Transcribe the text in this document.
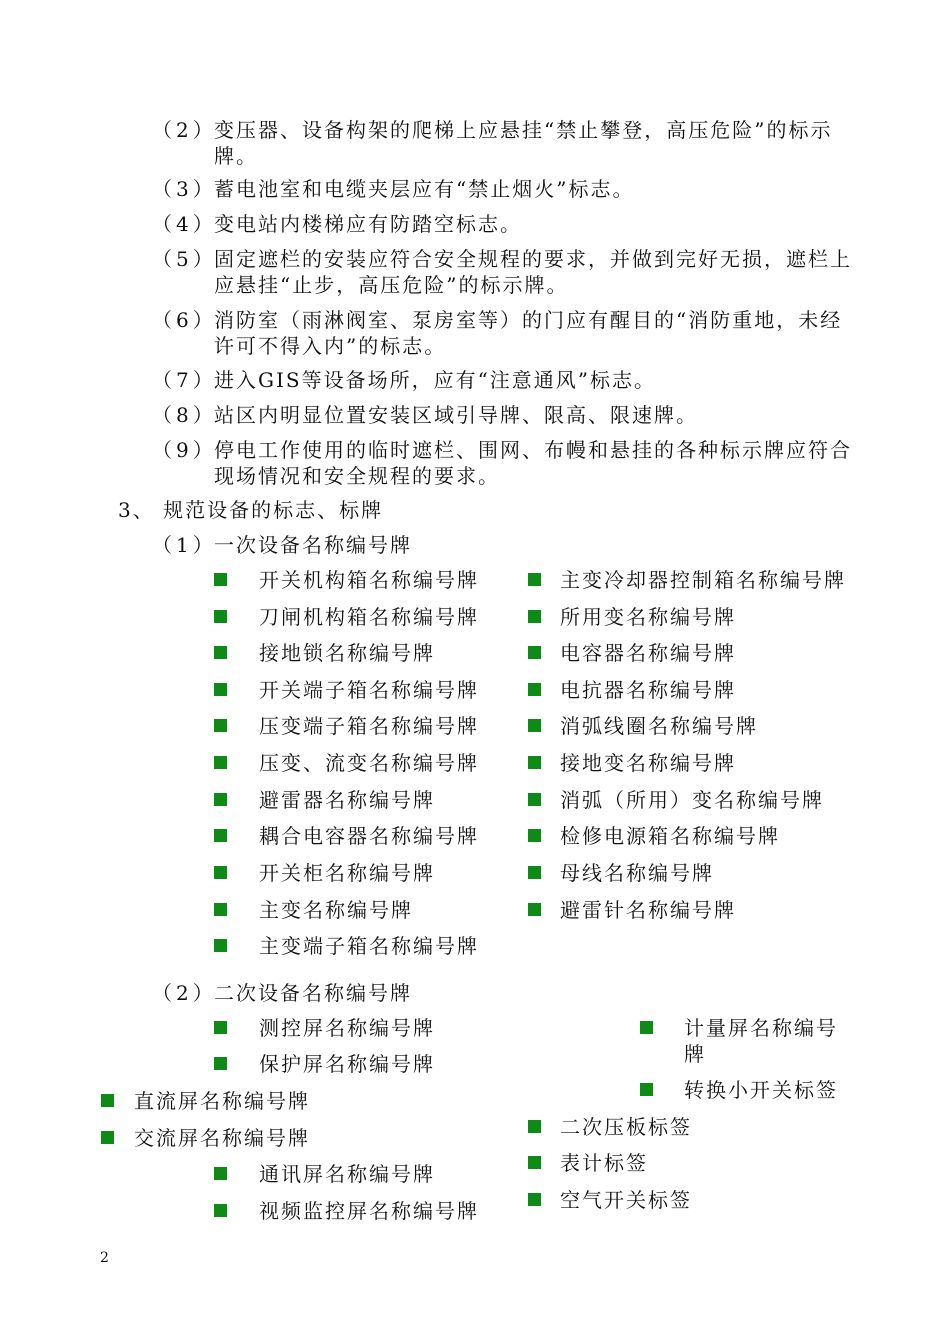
（2）
变压器、设备构架的爬梯上应悬挂“禁止攀登，高压危险”的标示牌。
（3）
蓄电池室和电缆夹层应有“禁止烟火”标志。
（4）
变电站内楼梯应有防踏空标志。
（5）
固定遮栏的安装应符合安全规程的要求，并做到完好无损，遮栏上应悬挂“止步，高压危险”的标示牌。
（6）
消防室（雨淋阀室、泵房室等）的门应有醒目的“消防重地，未经许可不得入内”的标志。
（7）
进入GIS等设备场所，应有“注意通风”标志。
（8）
站区内明显位置安装区域引导牌、限高、限速牌。
（9）
停电工作使用的临时遮栏、围网、布幔和悬挂的各种标示牌应符合现场情况和安全规程的要求。
3、 规范设备的标志、标牌
（1）
一次设备名称编号牌
开关机构箱名称编号牌
刀闸机构箱名称编号牌
接地锁名称编号牌
开关端子箱名称编号牌
压变端子箱名称编号牌
压变、流变名称编号牌
避雷器名称编号牌
耦合电容器名称编号牌
开关柜名称编号牌
主变名称编号牌
主变端子箱名称编号牌
主变冷却器控制箱名称编号牌
所用变名称编号牌
电容器名称编号牌
电抗器名称编号牌
消弧线圈名称编号牌
接地变名称编号牌
消弧（所用）变名称编号牌
检修电源箱名称编号牌
母线名称编号牌
避雷针名称编号牌
（2）
二次设备名称编号牌
测控屏名称编号牌
保护屏名称编号牌
计量屏名称编号牌
转换小开关标签
直流屏名称编号牌
交流屏名称编号牌	二次压板标签
通讯屏名称编号牌	表计标签
视频监控屏名称编号牌	空气开关标签
2
